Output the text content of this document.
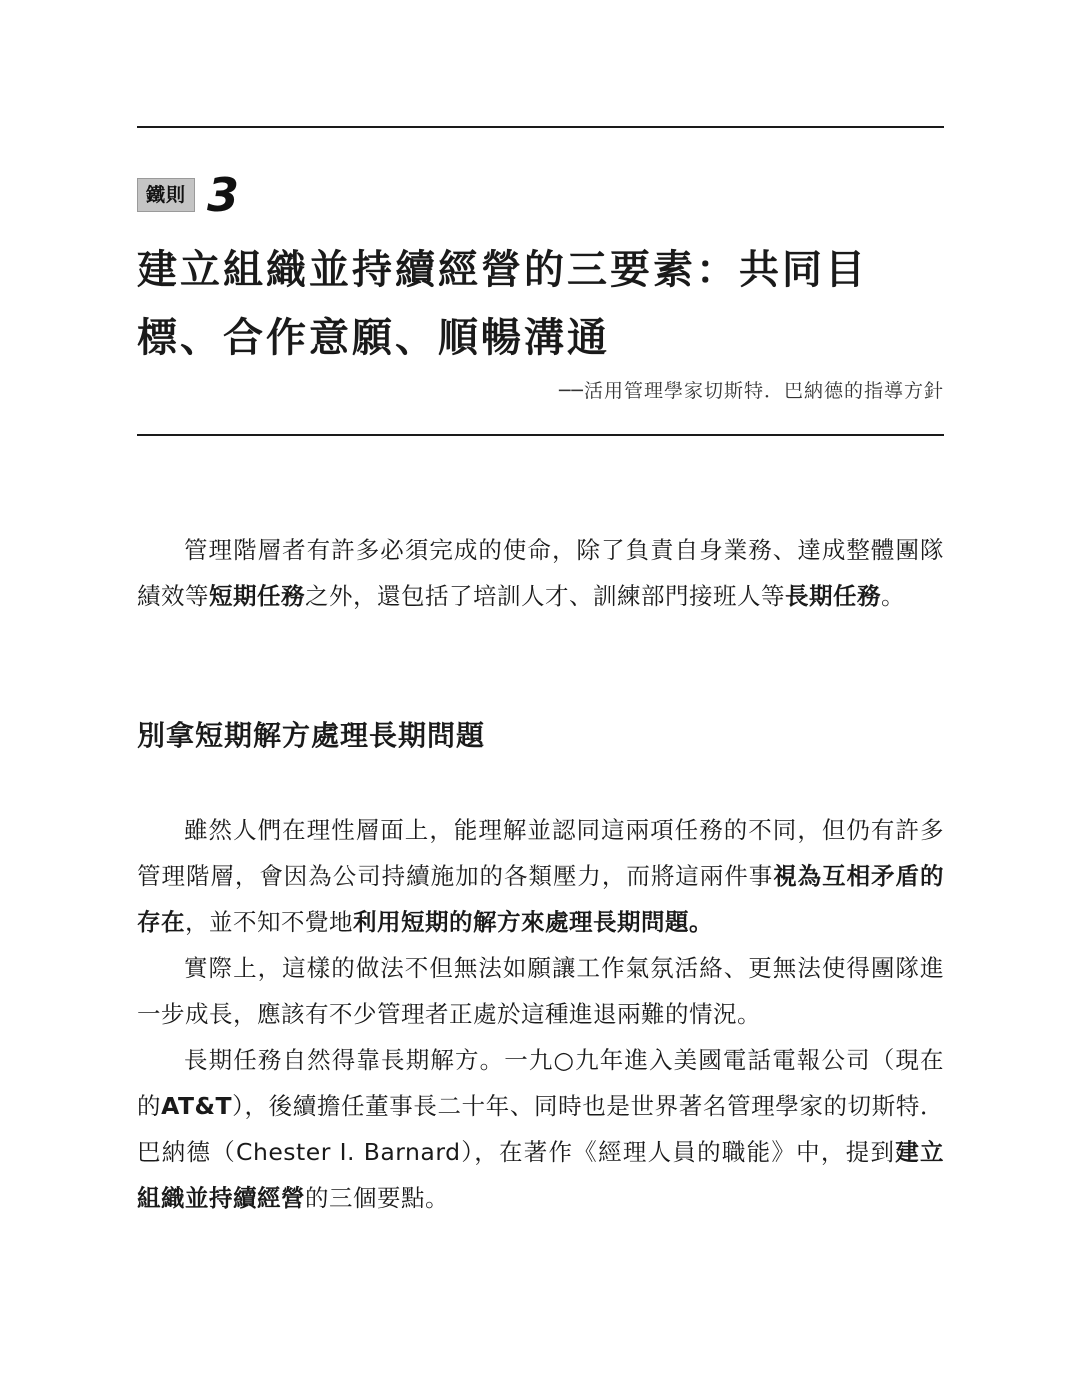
鐵則 3
建立組織並持續經營的三要素：共同目標、合作意願、順暢溝通
──活用管理學家切斯特．巴納德的指導方針

管理階層者有許多必須完成的使命，除了負責自身業務、達成整體團隊績效等短期任務之外，還包括了培訓人才、訓練部門接班人等長期任務。

別拿短期解方處理長期問題

雖然人們在理性層面上，能理解並認同這兩項任務的不同，但仍有許多管理階層，會因為公司持續施加的各類壓力，而將這兩件事視為互相矛盾的存在，並不知不覺地利用短期的解方來處理長期問題。

實際上，這樣的做法不但無法如願讓工作氣氛活絡、更無法使得團隊進一步成長，應該有不少管理者正處於這種進退兩難的情況。

長期任務自然得靠長期解方。一九○九年進入美國電話電報公司（現在的AT&T），後續擔任董事長二十年、同時也是世界著名管理學家的切斯特．巴納德（Chester I. Barnard），在著作《經理人員的職能》中，提到建立組織並持續經營的三個要點。
